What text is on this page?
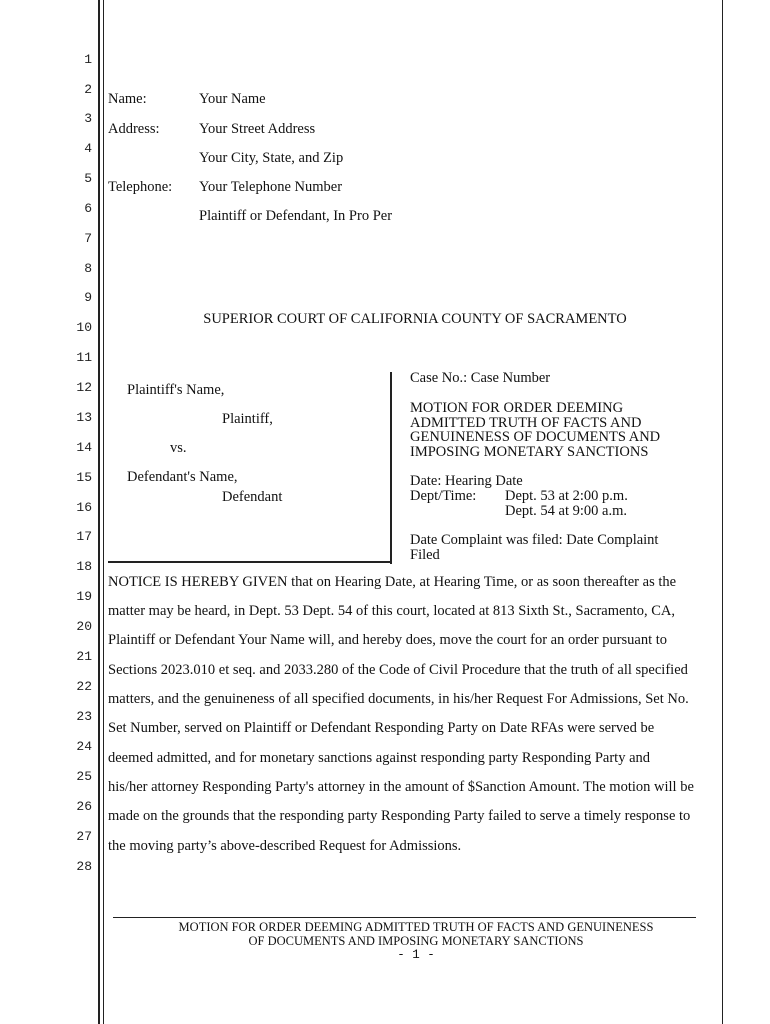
1
2
3
4
5
6
7
8
9
10
11
12
13
14
15
16
17
18
19
20
21
22
23
24
25
26
27
28
Name:	Your Name
Address:	Your Street Address
Your City, State, and Zip
Telephone: Your Telephone Number
Plaintiff or Defendant, In Pro Per
SUPERIOR COURT OF CALIFORNIA COUNTY OF SACRAMENTO
Plaintiff's Name,
Plaintiff,
vs.
Defendant's Name,
Defendant
Case No.: Case Number
MOTION FOR ORDER DEEMING
ADMITTED TRUTH OF FACTS AND
GENUINENESS OF DOCUMENTS AND
IMPOSING MONETARY SANCTIONS
Date: Hearing Date
Dept/Time: Dept. 53 at 2:00 p.m.
Dept. 54 at 9:00 a.m.
Date Complaint was filed: Date Complaint
Filed
NOTICE IS HEREBY GIVEN that on Hearing Date, at Hearing Time, or as soon thereafter as the
matter may be heard, in Dept. 53 Dept. 54 of this court, located at 813 Sixth St., Sacramento, CA,
Plaintiff or Defendant Your Name will, and hereby does, move the court for an order pursuant to
Sections 2023.010 et seq. and 2033.280 of the Code of Civil Procedure that the truth of all specified
matters, and the genuineness of all specified documents, in his/her Request For Admissions, Set No.
Set Number, served on Plaintiff or Defendant Responding Party on Date RFAs were served be
deemed admitted, and for monetary sanctions against responding party Responding Party and
his/her attorney Responding Party's attorney in the amount of $Sanction Amount. The motion will be
made on the grounds that the responding party Responding Party failed to serve a timely response to
the moving party’s above-described Request for Admissions.
MOTION FOR ORDER DEEMING ADMITTED TRUTH OF FACTS AND GENUINENESS
OF DOCUMENTS AND IMPOSING MONETARY SANCTIONS
- 1 -
